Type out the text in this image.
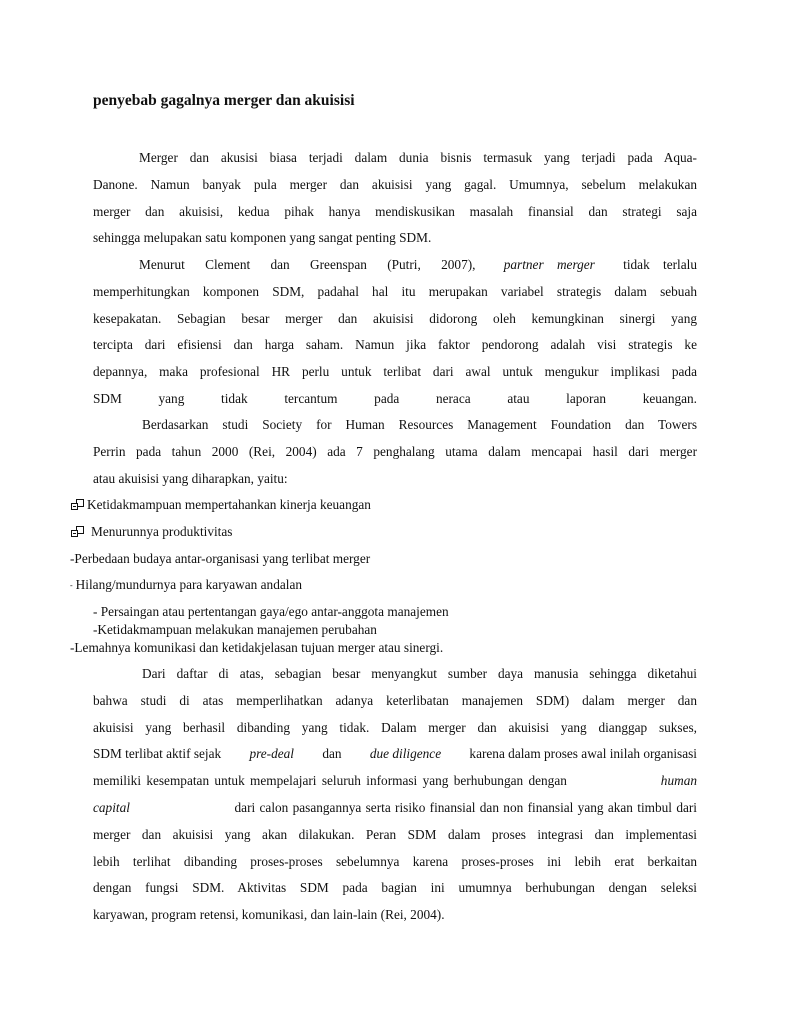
penyebab gagalnya merger dan akuisisi
Merger dan akusisi biasa terjadi dalam dunia bisnis termasuk yang terjadi pada Aqua-
Danone. Namun banyak pula merger dan akuisisi yang gagal. Umumnya, sebelum melakukan
merger dan akuisisi, kedua pihak hanya mendiskusikan masalah finansial dan strategi saja
sehingga melupakan satu komponen yang sangat penting SDM.
Menurut Clement dan Greenspan (Putri, 2007), partner merger tidak terlalu
memperhitungkan komponen SDM, padahal hal itu merupakan variabel strategis dalam sebuah
kesepakatan. Sebagian besar merger dan akuisisi didorong oleh kemungkinan sinergi yang
tercipta dari efisiensi dan harga saham. Namun jika faktor pendorong adalah visi strategis ke
depannya, maka profesional HR perlu untuk terlibat dari awal untuk mengukur implikasi pada
SDM yang tidak tercantum pada neraca atau laporan keuangan.
Berdasarkan studi Society for Human Resources Management Foundation dan Towers
Perrin pada tahun 2000 (Rei, 2004) ada 7 penghalang utama dalam mencapai hasil dari merger
atau akuisisi yang diharapkan, yaitu:
Ketidakmampuan mempertahankan kinerja keuangan
Menurunnya produktivitas
-Perbedaan budaya antar-organisasi yang terlibat merger
- Hilang/mundurnya para karyawan andalan
- Persaingan atau pertentangan gaya/ego antar-anggota manajemen
-Ketidakmampuan melakukan manajemen perubahan
-Lemahnya komunikasi dan ketidakjelasan tujuan merger atau sinergi.
Dari daftar di atas, sebagian besar menyangkut sumber daya manusia sehingga diketahui
bahwa studi di atas memperlihatkan adanya keterlibatan manajemen SDM) dalam merger dan
akuisisi yang berhasil dibanding yang tidak. Dalam merger dan akuisisi yang dianggap sukses,
SDM terlibat aktif sejak pre-deal dan due diligence karena dalam proses awal inilah organisasi
memiliki kesempatan untuk mempelajari seluruh informasi yang berhubungan dengan	human
capital	dari calon pasangannya serta risiko finansial dan non finansial yang akan timbul dari
merger dan akuisisi yang akan dilakukan. Peran SDM dalam proses integrasi dan implementasi
lebih terlihat dibanding proses-proses sebelumnya karena proses-proses ini lebih erat berkaitan
dengan fungsi SDM. Aktivitas SDM pada bagian ini umumnya berhubungan dengan seleksi
karyawan, program retensi, komunikasi, dan lain-lain (Rei, 2004).
